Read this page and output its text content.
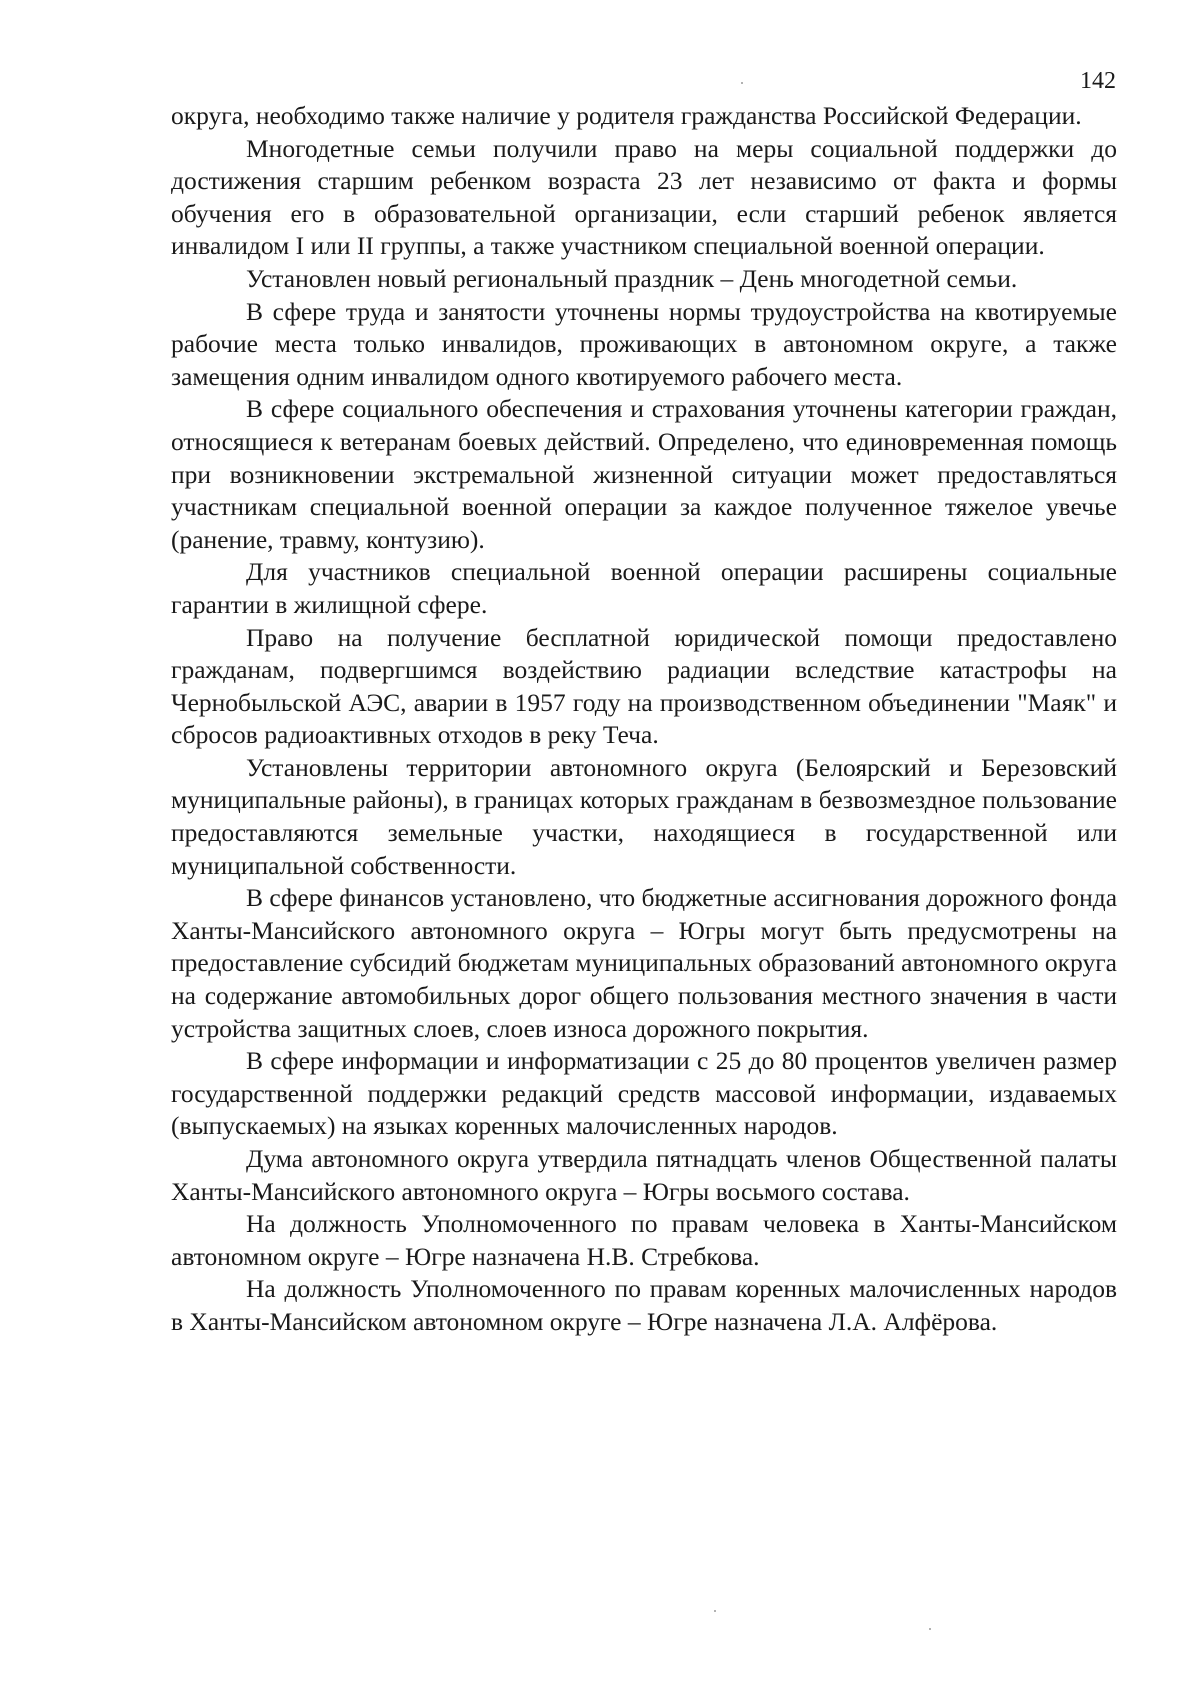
142

округа, необходимо также наличие у родителя гражданства Российской Федерации.

Многодетные семьи получили право на меры социальной поддержки до достижения старшим ребенком возраста 23 лет независимо от факта и формы обучения его в образовательной организации, если старший ребенок является инвалидом I или II группы, а также участником специальной военной операции.

Установлен новый региональный праздник – День многодетной семьи.

В сфере труда и занятости уточнены нормы трудоустройства на квотируемые рабочие места только инвалидов, проживающих в автономном округе, а также замещения одним инвалидом одного квотируемого рабочего места.

В сфере социального обеспечения и страхования уточнены категории граждан, относящиеся к ветеранам боевых действий. Определено, что единовременная помощь при возникновении экстремальной жизненной ситуации может предоставляться участникам специальной военной операции за каждое полученное тяжелое увечье (ранение, травму, контузию).

Для участников специальной военной операции расширены социальные гарантии в жилищной сфере.

Право на получение бесплатной юридической помощи предоставлено гражданам, подвергшимся воздействию радиации вследствие катастрофы на Чернобыльской АЭС, аварии в 1957 году на производственном объединении "Маяк" и сбросов радиоактивных отходов в реку Теча.

Установлены территории автономного округа (Белоярский и Березовский муниципальные районы), в границах которых гражданам в безвозмездное пользование предоставляются земельные участки, находящиеся в государственной или муниципальной собственности.

В сфере финансов установлено, что бюджетные ассигнования дорожного фонда Ханты-Мансийского автономного округа – Югры могут быть предусмотрены на предоставление субсидий бюджетам муниципальных образований автономного округа на содержание автомобильных дорог общего пользования местного значения в части устройства защитных слоев, слоев износа дорожного покрытия.

В сфере информации и информатизации с 25 до 80 процентов увеличен размер государственной поддержки редакций средств массовой информации, издаваемых (выпускаемых) на языках коренных малочисленных народов.

Дума автономного округа утвердила пятнадцать членов Общественной палаты Ханты-Мансийского автономного округа – Югры восьмого состава.

На должность Уполномоченного по правам человека в Ханты-Мансийском автономном округе – Югре назначена Н.В. Стребкова.

На должность Уполномоченного по правам коренных малочисленных народов в Ханты-Мансийском автономном округе – Югре назначена Л.А. Алфёрова.
